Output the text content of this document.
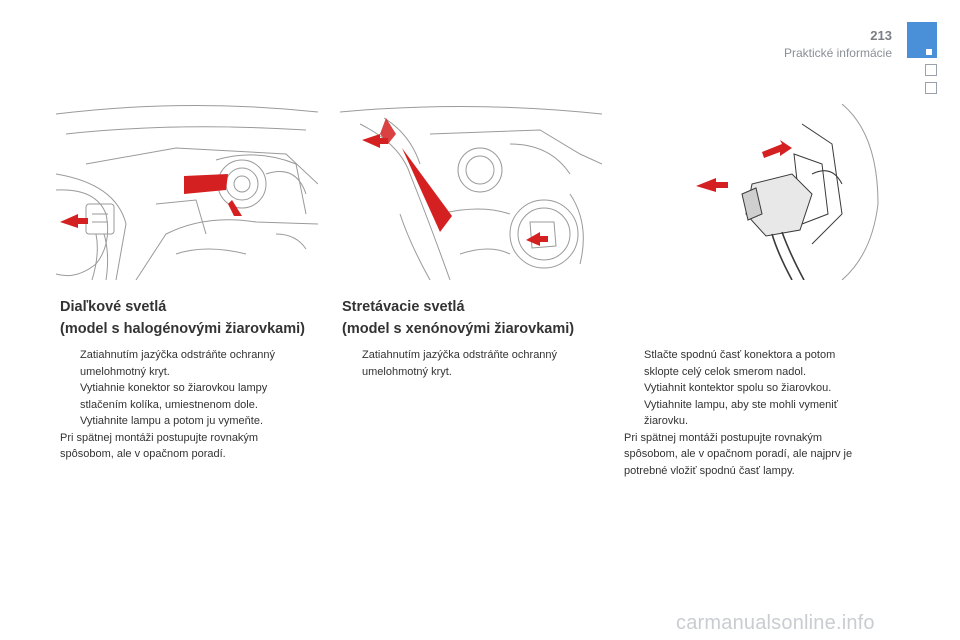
213
Praktické informácie
Diaľkové svetlá
(model s halogénovými žiarovkami)
Zatiahnutím jazýčka odstráňte ochranný
umelohmotný kryt.
Vytiahnie konektor so žiarovkou lampy
stlačením kolíka, umiestnenom dole.
Vytiahnite lampu a potom ju vymeňte.
Pri spätnej montáži postupujte rovnakým
spôsobom, ale v opačnom poradí.
Stretávacie svetlá
(model s xenónovými žiarovkami)
Zatiahnutím jazýčka odstráňte ochranný
umelohmotný kryt.
Stlačte spodnú časť konektora a potom
sklopte celý celok smerom nadol.
Vytiahnit kontektor spolu so žiarovkou.
Vytiahnite lampu, aby ste mohli vymeniť
žiarovku.
Pri spätnej montáži postupujte rovnakým
spôsobom, ale v opačnom poradí, ale najprv je
potrebné vložiť spodnú časť lampy.
carmanualsonline.info
